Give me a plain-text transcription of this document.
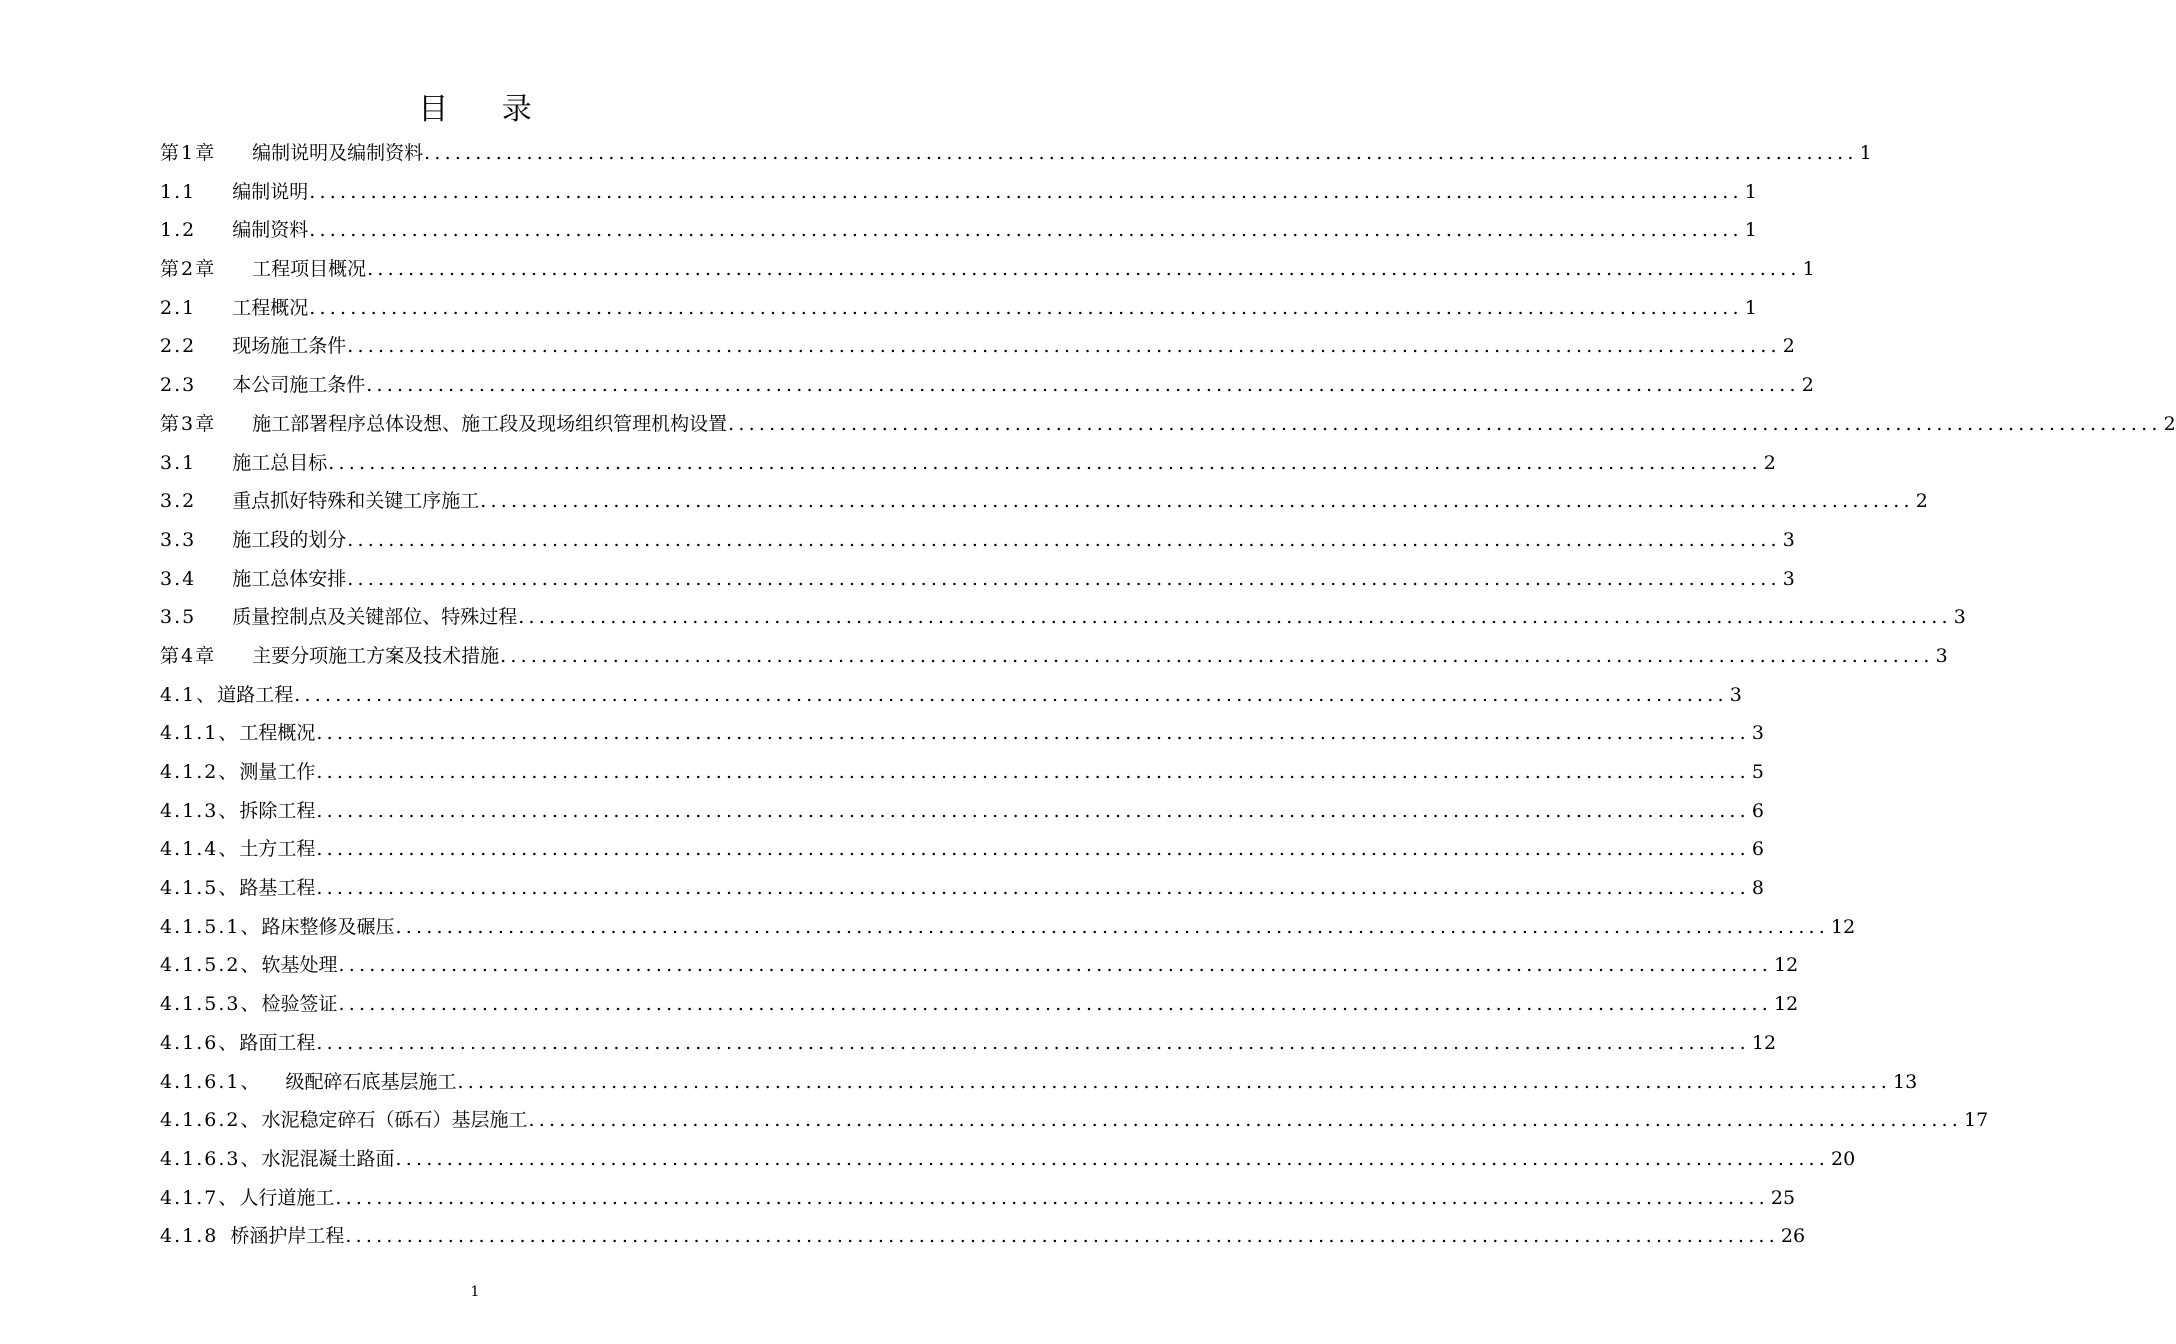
目 录
第1章 编制说明及编制资料 ............................................................................................................................................ 1
1.1 编制说明 ............................................................................................................................................ 1
1.2 编制资料 ............................................................................................................................................ 1
第2章 工程项目概况 ............................................................................................................................................ 1
2.1 工程概况 ............................................................................................................................................ 1
2.2 现场施工条件 ............................................................................................................................................ 2
2.3 本公司施工条件 ............................................................................................................................................ 2
第3章 施工部署程序总体设想、施工段及现场组织管理机构设置 ............................................................................................................................................ 2
3.1 施工总目标 ............................................................................................................................................ 2
3.2 重点抓好特殊和关键工序施工 ............................................................................................................................................ 2
3.3 施工段的划分 ............................................................................................................................................ 3
3.4 施工总体安排 ............................................................................................................................................ 3
3.5 质量控制点及关键部位、特殊过程 ............................................................................................................................................ 3
第4章 主要分项施工方案及技术措施 ............................................................................................................................................ 3
4.1、 道路工程 ............................................................................................................................................ 3
4.1.1、 工程概况 ............................................................................................................................................ 3
4.1.2、 测量工作 ............................................................................................................................................ 5
4.1.3、 拆除工程 ............................................................................................................................................ 6
4.1.4、 土方工程 ............................................................................................................................................ 6
4.1.5、 路基工程 ............................................................................................................................................ 8
4.1.5.1、 路床整修及碾压 ............................................................................................................................................ 12
4.1.5.2、 软基处理 ............................................................................................................................................ 12
4.1.5.3、 检验签证 ............................................................................................................................................ 12
4.1.6、 路面工程 ............................................................................................................................................ 12
4.1.6.1、 级配碎石底基层施工 ............................................................................................................................................ 13
4.1.6.2、 水泥稳定碎石（砾石）基层施工 ............................................................................................................................................ 17
4.1.6.3、 水泥混凝土路面 ............................................................................................................................................ 20
4.1.7、 人行道施工 ............................................................................................................................................ 25
4.1.8 桥涵护岸工程 ............................................................................................................................................ 26
1
